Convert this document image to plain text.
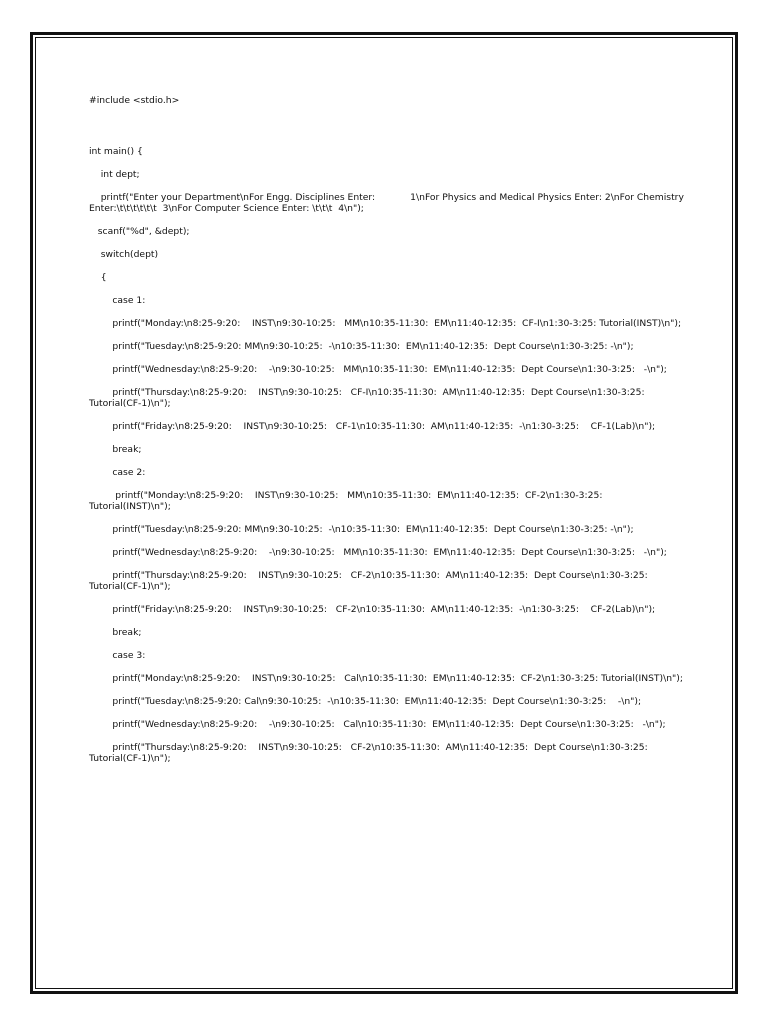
#include <stdio.h>
int main() {
int dept;
printf("Enter your Department\nFor Engg. Disciplines Enter:            1\nFor Physics and Medical Physics Enter: 2\nFor Chemistry Enter:\t\t\t\t\t\t  3\nFor Computer Science Enter: \t\t\t  4\n");
scanf("%d", &dept);
switch(dept)
{
case 1:
printf("Monday:\n8:25-9:20:    INST\n9:30-10:25:   MM\n10:35-11:30:  EM\n11:40-12:35:  CF-I\n1:30-3:25: Tutorial(INST)\n");
printf("Tuesday:\n8:25-9:20: MM\n9:30-10:25:  -\n10:35-11:30:  EM\n11:40-12:35:  Dept Course\n1:30-3:25: -\n");
printf("Wednesday:\n8:25-9:20:    -\n9:30-10:25:   MM\n10:35-11:30:  EM\n11:40-12:35:  Dept Course\n1:30-3:25:   -\n");
printf("Thursday:\n8:25-9:20:    INST\n9:30-10:25:   CF-I\n10:35-11:30:  AM\n11:40-12:35:  Dept Course\n1:30-3:25:    Tutorial(CF-1)\n");
printf("Friday:\n8:25-9:20:    INST\n9:30-10:25:   CF-1\n10:35-11:30:  AM\n11:40-12:35:  -\n1:30-3:25:    CF-1(Lab)\n");
break;
case 2:
printf("Monday:\n8:25-9:20:    INST\n9:30-10:25:   MM\n10:35-11:30:  EM\n11:40-12:35:  CF-2\n1:30-3:25: Tutorial(INST)\n");
printf("Tuesday:\n8:25-9:20: MM\n9:30-10:25:  -\n10:35-11:30:  EM\n11:40-12:35:  Dept Course\n1:30-3:25: -\n");
printf("Wednesday:\n8:25-9:20:    -\n9:30-10:25:   MM\n10:35-11:30:  EM\n11:40-12:35:  Dept Course\n1:30-3:25:   -\n");
printf("Thursday:\n8:25-9:20:    INST\n9:30-10:25:   CF-2\n10:35-11:30:  AM\n11:40-12:35:  Dept Course\n1:30-3:25:    Tutorial(CF-1)\n");
printf("Friday:\n8:25-9:20:    INST\n9:30-10:25:   CF-2\n10:35-11:30:  AM\n11:40-12:35:  -\n1:30-3:25:    CF-2(Lab)\n");
break;
case 3:
printf("Monday:\n8:25-9:20:    INST\n9:30-10:25:   Cal\n10:35-11:30:  EM\n11:40-12:35:  CF-2\n1:30-3:25: Tutorial(INST)\n");
printf("Tuesday:\n8:25-9:20: Cal\n9:30-10:25:  -\n10:35-11:30:  EM\n11:40-12:35:  Dept Course\n1:30-3:25:    -\n");
printf("Wednesday:\n8:25-9:20:    -\n9:30-10:25:   Cal\n10:35-11:30:  EM\n11:40-12:35:  Dept Course\n1:30-3:25:   -\n");
printf("Thursday:\n8:25-9:20:    INST\n9:30-10:25:   CF-2\n10:35-11:30:  AM\n11:40-12:35:  Dept Course\n1:30-3:25:    Tutorial(CF-1)\n");
